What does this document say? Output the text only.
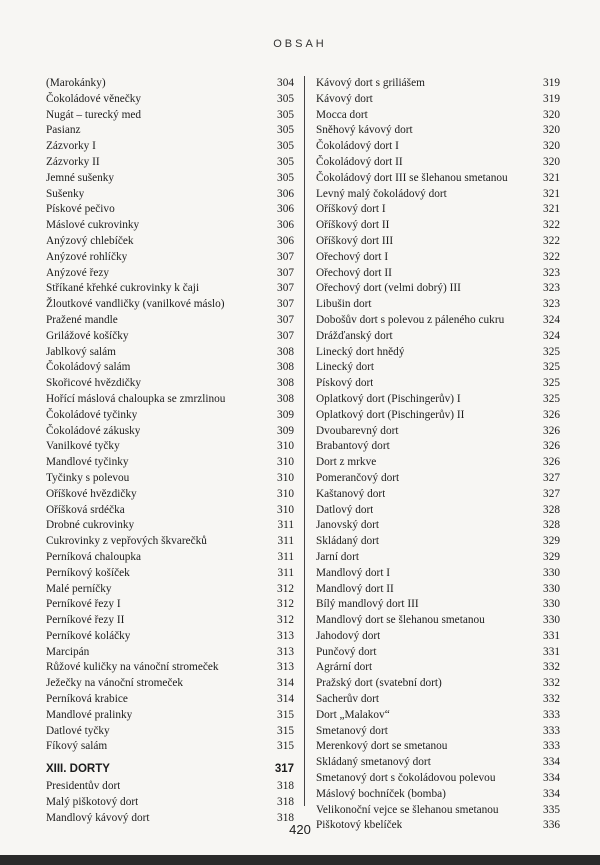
OBSAH
(Marokánky)	304
Čokoládové věnečky	305
Nugát – turecký med	305
Pasianz	305
Zázvorky I	305
Zázvorky II	305
Jemné sušenky	305
Sušenky	306
Pískové pečivo	306
Máslové cukrovinky	306
Anýzový chlebíček	306
Anýzové rohlíčky	307
Anýzové řezy	307
Stříkané křehké cukrovinky k čaji	307
Žloutkové vandličky (vanilkové máslo)	307
Pražené mandle	307
Grilážové košíčky	307
Jablkový salám	308
Čokoládový salám	308
Skořicové hvězdičky	308
Hořící máslová chaloupka se zmrzlinou	308
Čokoládové tyčinky	309
Čokoládové zákusky	309
Vanilkové tyčky	310
Mandlové tyčinky	310
Tyčinky s polevou	310
Oříškové hvězdičky	310
Oříšková srdéčka	310
Drobné cukrovinky	311
Cukrovinky z vepřových škvarečků	311
Perníková chaloupka	311
Perníkový košíček	311
Malé perníčky	312
Perníkové řezy I	312
Perníkové řezy II	312
Perníkové koláčky	313
Marcipán	313
Růžové kuličky na vánoční stromeček	313
Ježečky na vánoční stromeček	314
Perníková krabice	314
Mandlové pralinky	315
Datlové tyčky	315
Fíkový salám	315
XIII. DORTY	317
Presidentův dort	318
Malý piškotový dort	318
Mandlový kávový dort	318
Kávový dort s griliášem	319
Kávový dort	319
Mocca dort	320
Sněhový kávový dort	320
Čokoládový dort I	320
Čokoládový dort II	320
Čokoládový dort III se šlehanou smetanou	321
Levný malý čokoládový dort	321
Oříškový dort I	321
Oříškový dort II	322
Oříškový dort III	322
Ořechový dort I	322
Ořechový dort II	323
Ořechový dort (velmi dobrý) III	323
Libušin dort	323
Dobošův dort s polevou z páleného cukru	324
Drážďanský dort	324
Linecký dort hnědý	325
Linecký dort	325
Pískový dort	325
Oplatkový dort (Pischingerův) I	325
Oplatkový dort (Pischingerův) II	326
Dvoubarevný dort	326
Brabantový dort	326
Dort z mrkve	326
Pomerančový dort	327
Kaštanový dort	327
Datlový dort	328
Janovský dort	328
Skládaný dort	329
Jarní dort	329
Mandlový dort I	330
Mandlový dort II	330
Bílý mandlový dort III	330
Mandlový dort se šlehanou smetanou	330
Jahodový dort	331
Punčový dort	331
Agrární dort	332
Pražský dort (svatební dort)	332
Sacherův dort	332
Dort „Malakov“	333
Smetanový dort	333
Merenkový dort se smetanou	333
Skládaný smetanový dort	334
Smetanový dort s čokoládovou polevou	334
Máslový bochníček (bomba)	334
Velikonoční vejce se šlehanou smetanou	335
Piškotový kbelíček	336
420
